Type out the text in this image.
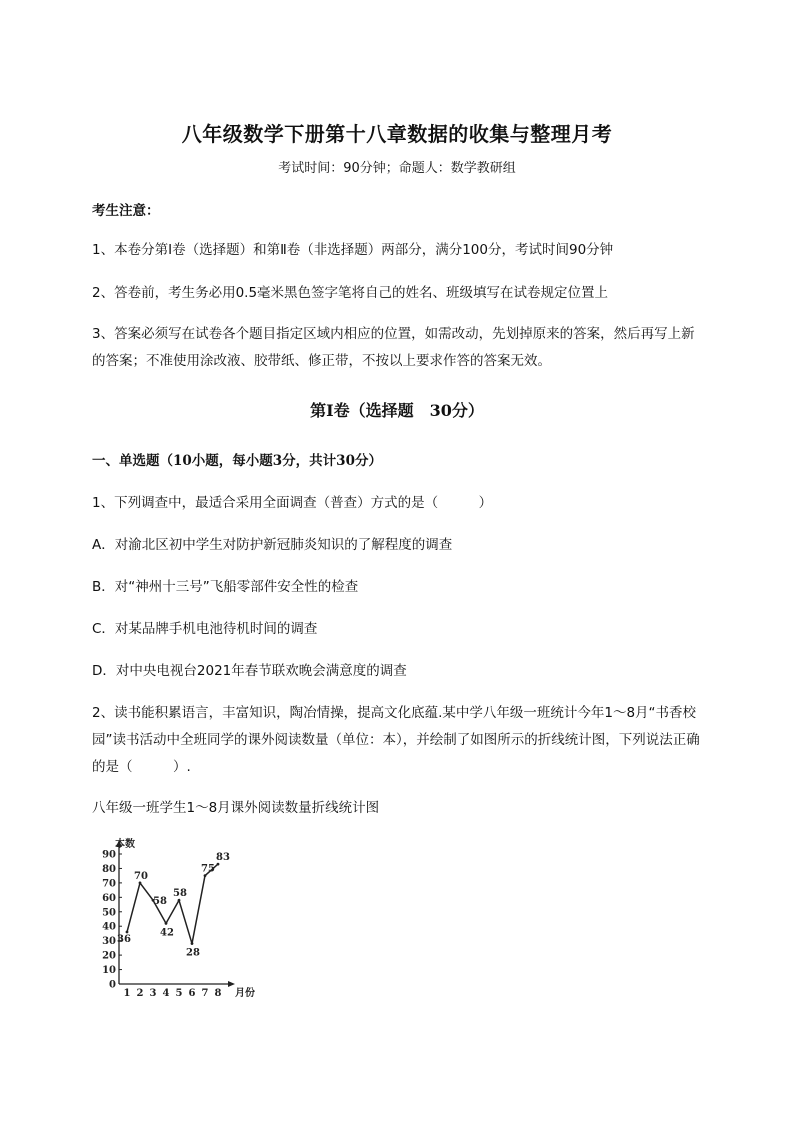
八年级数学下册第十八章数据的收集与整理月考
考试时间：90分钟；命题人：数学教研组
考生注意：
1、本卷分第Ⅰ卷（选择题）和第Ⅱ卷（非选择题）两部分，满分100分，考试时间90分钟
2、答卷前，考生务必用0.5毫米黑色签字笔将自己的姓名、班级填写在试卷规定位置上
3、答案必须写在试卷各个题目指定区域内相应的位置，如需改动，先划掉原来的答案，然后再写上新的答案；不准使用涂改液、胶带纸、修正带，不按以上要求作答的答案无效。
第Ⅰ卷（选择题　30分）
一、单选题（10小题，每小题3分，共计30分）
1、下列调查中，最适合采用全面调查（普查）方式的是（　　　）
A．对渝北区初中学生对防护新冠肺炎知识的了解程度的调查
B．对“神州十三号”飞船零部件安全性的检查
C．对某品牌手机电池待机时间的调查
D．对中央电视台2021年春节联欢晚会满意度的调查
2、读书能积累语言，丰富知识，陶冶情操，提高文化底蕴.某中学八年级一班统计今年1～8月“书香校园”读书活动中全班同学的课外阅读数量（单位：本），并绘制了如图所示的折线统计图，下列说法正确的是（　　　）.
八年级一班学生1～8月课外阅读数量折线统计图
本数
月份
0
10
20
30
40
50
60
70
80
90
1 2 3 4 5 6 7 8
36
70
58
42
58
28
75
83
